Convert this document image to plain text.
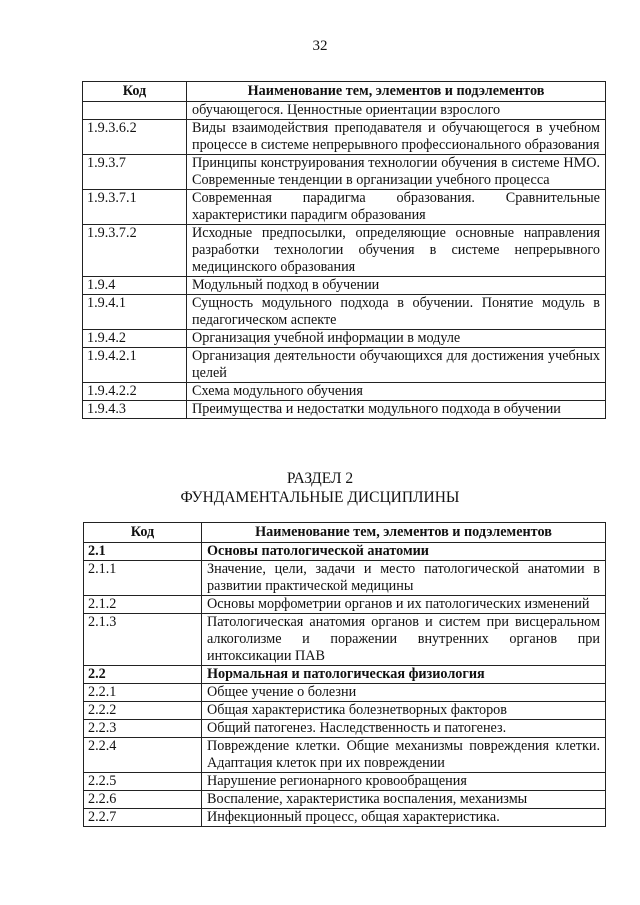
32
Код	Наименование тем, элементов и подэлементов
	обучающегося. Ценностные ориентации взрослого
1.9.3.6.2	Виды взаимодействия преподавателя и обучающегося в учебном процессе в системе непрерывного профессионального образования
1.9.3.7	Принципы конструирования технологии обучения в системе НМО. Современные тенденции в организации учебного процесса
1.9.3.7.1	Современная парадигма образования. Сравнительные характеристики парадигм образования
1.9.3.7.2	Исходные предпосылки, определяющие основные направления разработки технологии обучения в системе непрерывного медицинского образования
1.9.4	Модульный подход в обучении
1.9.4.1	Сущность модульного подхода в обучении. Понятие модуль в педагогическом аспекте
1.9.4.2	Организация учебной информации в модуле
1.9.4.2.1	Организация деятельности обучающихся для достижения учебных целей
1.9.4.2.2	Схема модульного обучения
1.9.4.3	Преимущества и недостатки модульного подхода в обучении
РАЗДЕЛ 2
ФУНДАМЕНТАЛЬНЫЕ ДИСЦИПЛИНЫ
Код	Наименование тем, элементов и подэлементов
2.1	Основы патологической анатомии
2.1.1	Значение, цели, задачи и место патологической анатомии в развитии практической медицины
2.1.2	Основы морфометрии органов и их патологических изменений
2.1.3	Патологическая анатомия органов и систем при висцеральном алкоголизме и поражении внутренних органов при интоксикации ПАВ
2.2	Нормальная и патологическая физиология
2.2.1	Общее учение о болезни
2.2.2	Общая характеристика болезнетворных факторов
2.2.3	Общий патогенез. Наследственность и патогенез.
2.2.4	Повреждение клетки. Общие механизмы повреждения клетки. Адаптация клеток при их повреждении
2.2.5	Нарушение регионарного кровообращения
2.2.6	Воспаление, характеристика воспаления, механизмы
2.2.7	Инфекционный процесс, общая характеристика.
